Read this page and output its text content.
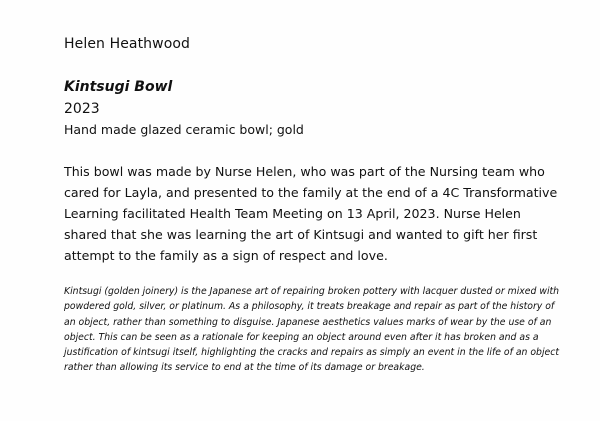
Helen Heathwood
Kintsugi Bowl
2023
Hand made glazed ceramic bowl; gold

This bowl was made by Nurse Helen, who was part of the Nursing team who cared for Layla, and presented to the family at the end of a 4C Transformative Learning facilitated Health Team Meeting on 13 April, 2023. Nurse Helen shared that she was learning the art of Kintsugi and wanted to gift her first attempt to the family as a sign of respect and love.

Kintsugi (golden joinery) is the Japanese art of repairing broken pottery with lacquer dusted or mixed with powdered gold, silver, or platinum. As a philosophy, it treats breakage and repair as part of the history of an object, rather than something to disguise. Japanese aesthetics values marks of wear by the use of an object. This can be seen as a rationale for keeping an object around even after it has broken and as a justification of kintsugi itself, highlighting the cracks and repairs as simply an event in the life of an object rather than allowing its service to end at the time of its damage or breakage.
